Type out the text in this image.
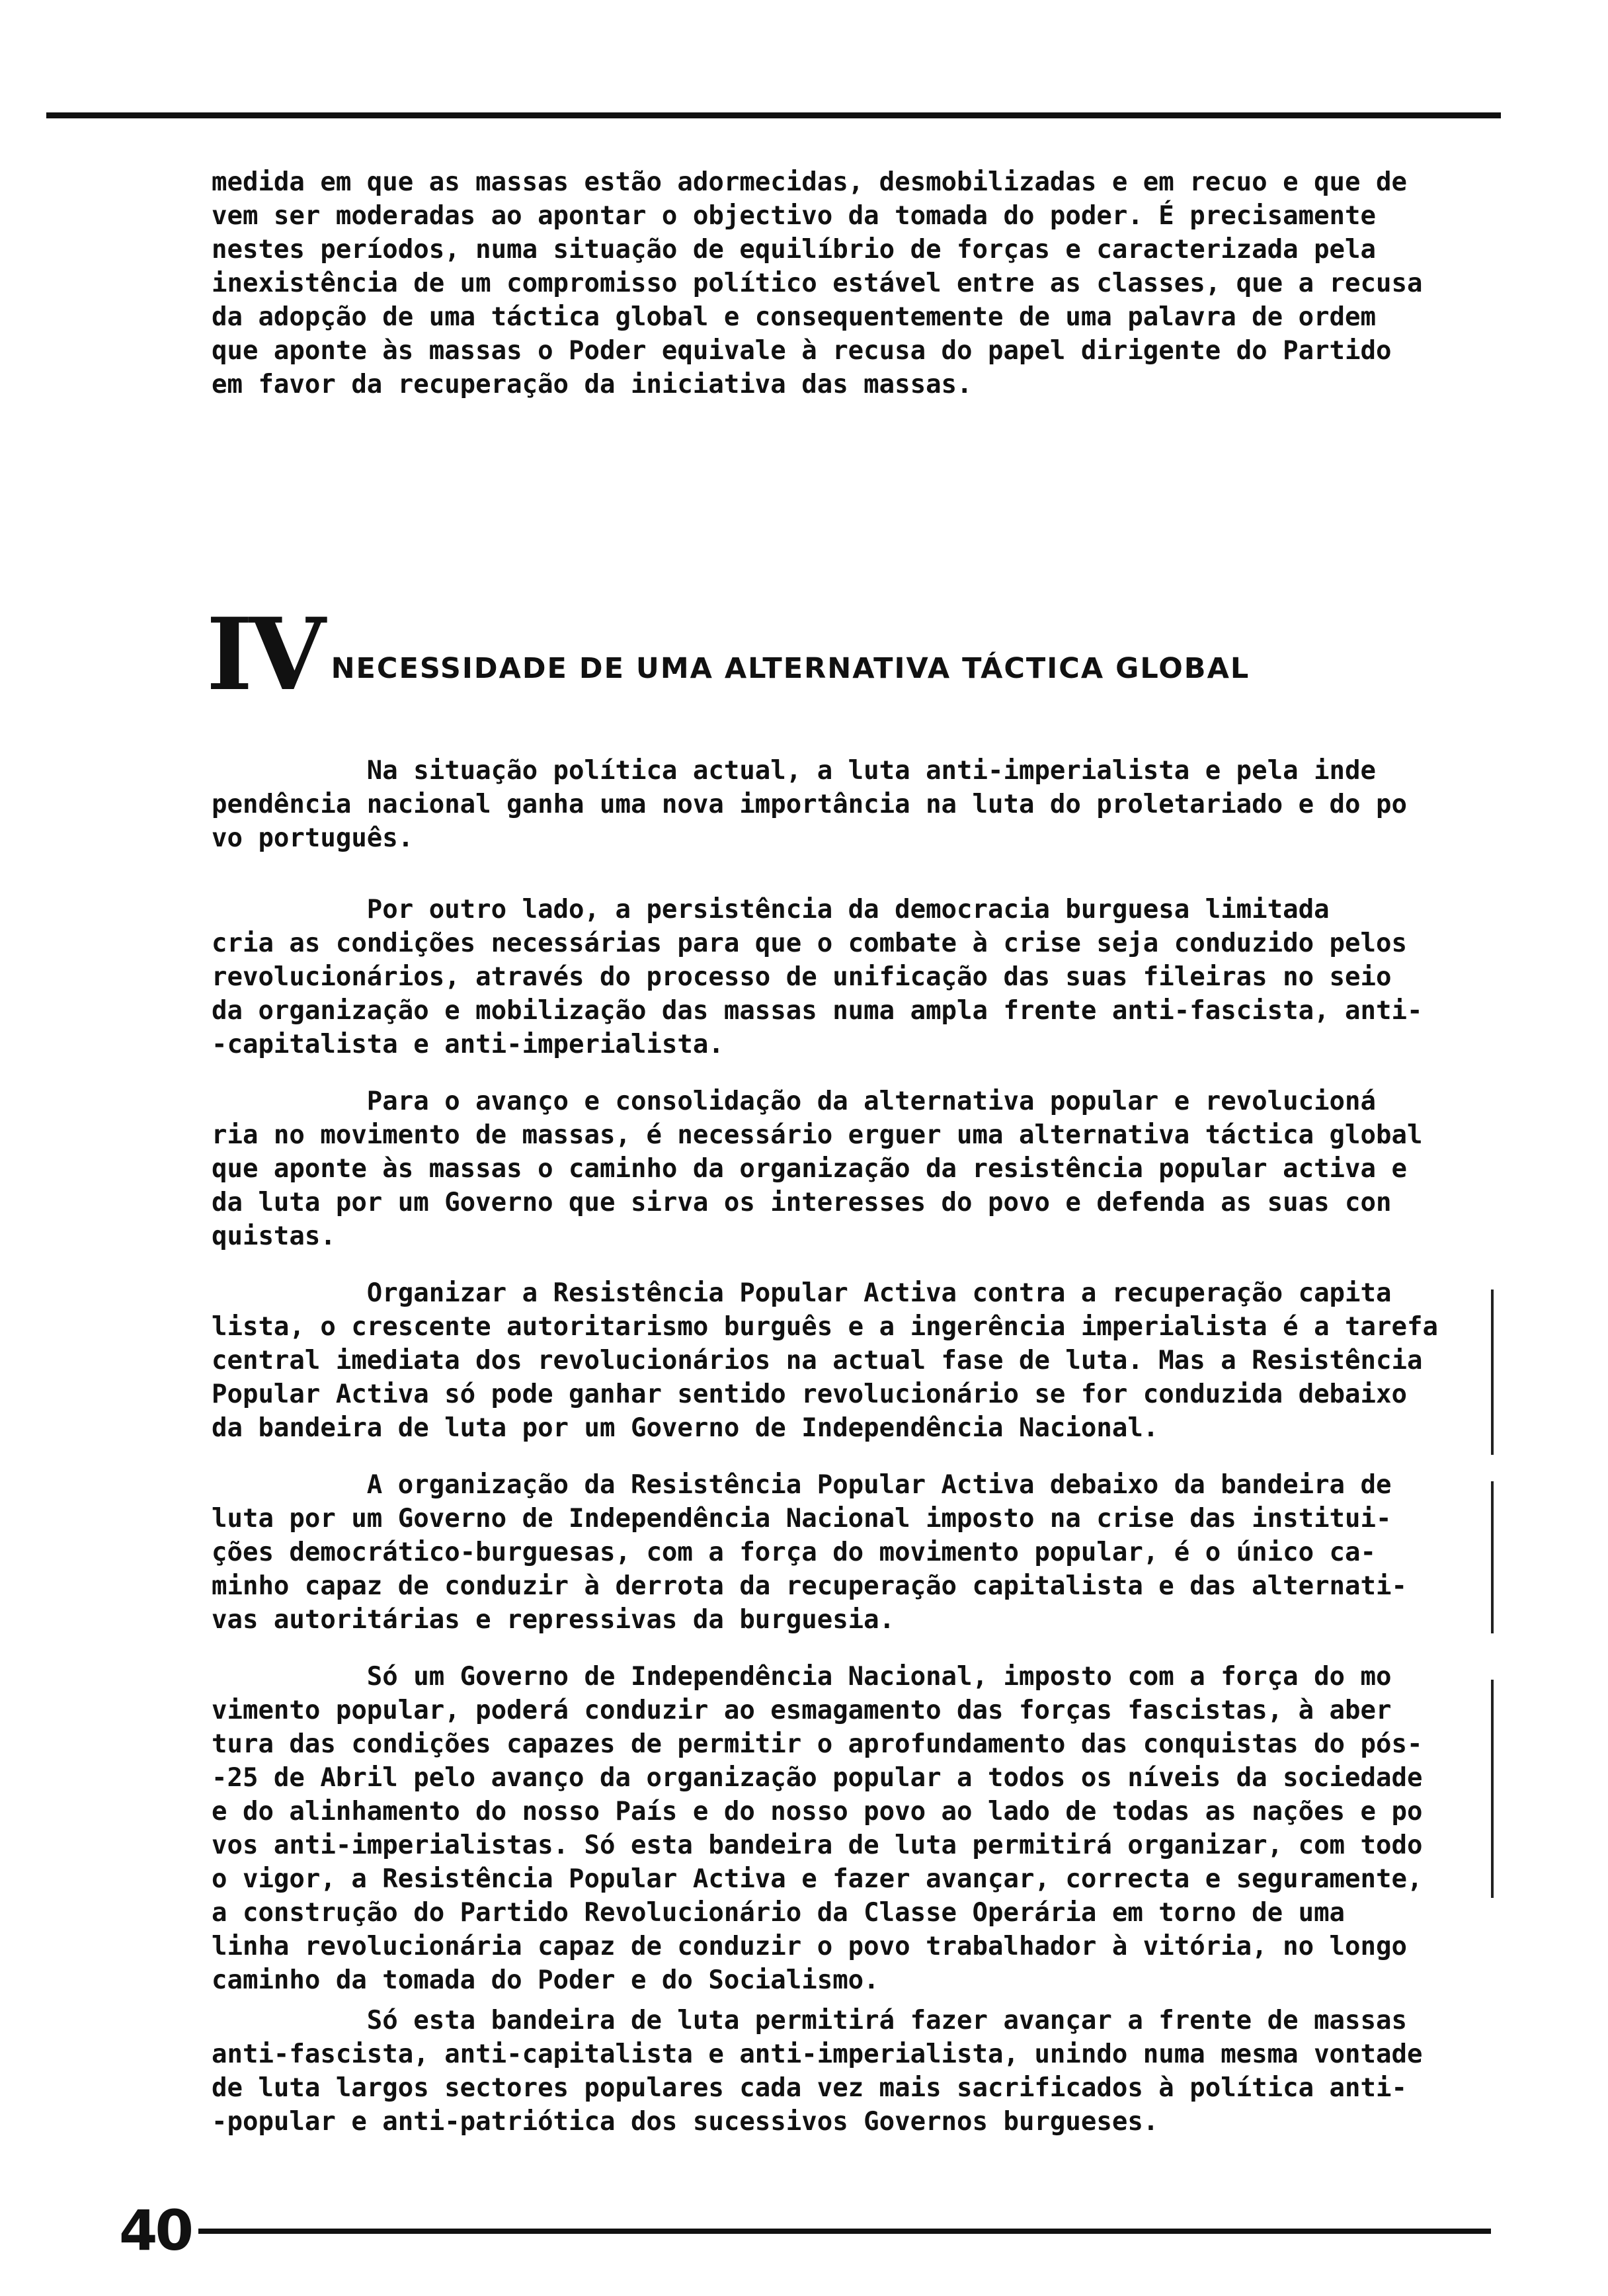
medida em que as massas estão adormecidas, desmobilizadas e em recuo e que de
vem ser moderadas ao apontar o objectivo da tomada do poder. É precisamente
nestes períodos, numa situação de equilíbrio de forças e caracterizada pela
inexistência de um compromisso político estável entre as classes, que a recusa
da adopção de uma táctica global e consequentemente de uma palavra de ordem
que aponte às massas o Poder equivale à recusa do papel dirigente do Partido
em favor da recuperação da iniciativa das massas.
IV NECESSIDADE DE UMA ALTERNATIVA TÁCTICA GLOBAL
Na situação política actual, a luta anti-imperialista e pela inde
pendência nacional ganha uma nova importância na luta do proletariado e do po
vo português.
Por outro lado, a persistência da democracia burguesa limitada
cria as condições necessárias para que o combate à crise seja conduzido pelos
revolucionários, através do processo de unificação das suas fileiras no seio
da organização e mobilização das massas numa ampla frente anti-fascista, anti-
-capitalista e anti-imperialista.
Para o avanço e consolidação da alternativa popular e revolucioná
ria no movimento de massas, é necessário erguer uma alternativa táctica global
que aponte às massas o caminho da organização da resistência popular activa e
da luta por um Governo que sirva os interesses do povo e defenda as suas con
quistas.
Organizar a Resistência Popular Activa contra a recuperação capita
lista, o crescente autoritarismo burguês e a ingerência imperialista é a tarefa
central imediata dos revolucionários na actual fase de luta. Mas a Resistência
Popular Activa só pode ganhar sentido revolucionário se for conduzida debaixo
da bandeira de luta por um Governo de Independência Nacional.
A organização da Resistência Popular Activa debaixo da bandeira de
luta por um Governo de Independência Nacional imposto na crise das institui-
ções democrático-burguesas, com a força do movimento popular, é o único ca-
minho capaz de conduzir à derrota da recuperação capitalista e das alternati-
vas autoritárias e repressivas da burguesia.
Só um Governo de Independência Nacional, imposto com a força do mo
vimento popular, poderá conduzir ao esmagamento das forças fascistas, à aber
tura das condições capazes de permitir o aprofundamento das conquistas do pós-
-25 de Abril pelo avanço da organização popular a todos os níveis da sociedade
e do alinhamento do nosso País e do nosso povo ao lado de todas as nações e po
vos anti-imperialistas. Só esta bandeira de luta permitirá organizar, com todo
o vigor, a Resistência Popular Activa e fazer avançar, correcta e seguramente,
a construção do Partido Revolucionário da Classe Operária em torno de uma
linha revolucionária capaz de conduzir o povo trabalhador à vitória, no longo
caminho da tomada do Poder e do Socialismo.
Só esta bandeira de luta permitirá fazer avançar a frente de massas
anti-fascista, anti-capitalista e anti-imperialista, unindo numa mesma vontade
de luta largos sectores populares cada vez mais sacrificados à política anti-
-popular e anti-patriótica dos sucessivos Governos burgueses.
40
